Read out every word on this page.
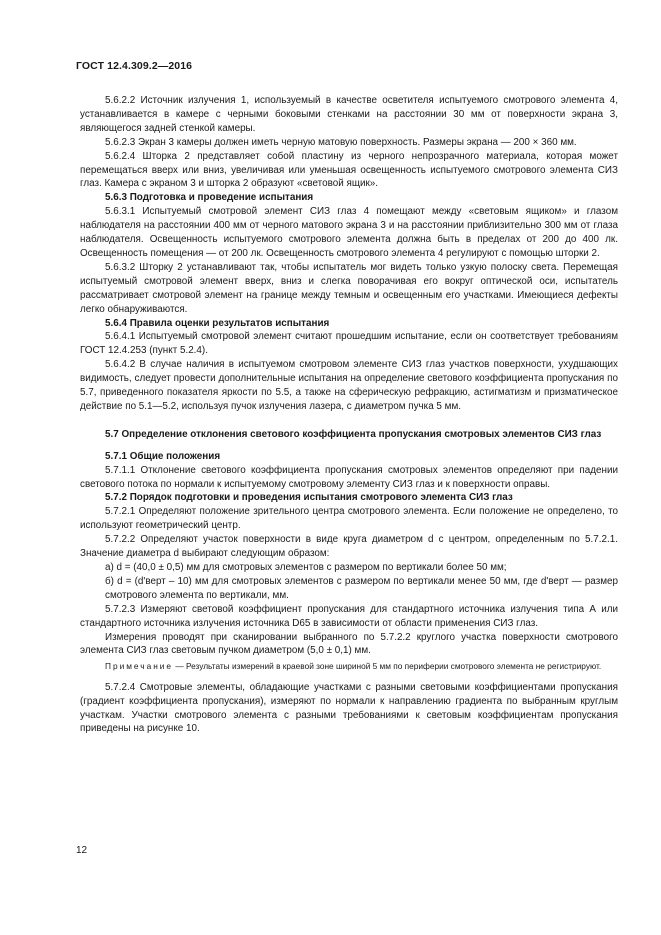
ГОСТ 12.4.309.2—2016

5.6.2.2 Источник излучения 1, используемый в качестве осветителя испытуемого смотрового элемента 4, устанавливается в камере с черными боковыми стенками на расстоянии 30 мм от поверхности экрана 3, являющегося задней стенкой камеры.

5.6.2.3 Экран 3 камеры должен иметь черную матовую поверхность. Размеры экрана — 200 × 360 мм.

5.6.2.4 Шторка 2 представляет собой пластину из черного непрозрачного материала, которая может перемещаться вверх или вниз, увеличивая или уменьшая освещенность испытуемого смотрового элемента СИЗ глаз. Камера с экраном 3 и шторка 2 образуют «световой ящик».

5.6.3 Подготовка и проведение испытания

5.6.3.1 Испытуемый смотровой элемент СИЗ глаз 4 помещают между «световым ящиком» и глазом наблюдателя на расстоянии 400 мм от черного матового экрана 3 и на расстоянии приблизительно 300 мм от глаза наблюдателя. Освещенность испытуемого смотрового элемента должна быть в пределах от 200 до 400 лк. Освещенность помещения — от 200 лк. Освещенность смотрового элемента 4 регулируют с помощью шторки 2.

5.6.3.2 Шторку 2 устанавливают так, чтобы испытатель мог видеть только узкую полоску света. Перемещая испытуемый смотровой элемент вверх, вниз и слегка поворачивая его вокруг оптической оси, испытатель рассматривает смотровой элемент на границе между темным и освещенным его участками. Имеющиеся дефекты легко обнаруживаются.

5.6.4 Правила оценки результатов испытания

5.6.4.1 Испытуемый смотровой элемент считают прошедшим испытание, если он соответствует требованиям ГОСТ 12.4.253 (пункт 5.2.4).

5.6.4.2 В случае наличия в испытуемом смотровом элементе СИЗ глаз участков поверхности, ухудшающих видимость, следует провести дополнительные испытания на определение светового коэффициента пропускания по 5.7, приведенного показателя яркости по 5.5, а также на сферическую рефракцию, астигматизм и призматическое действие по 5.1—5.2, используя пучок излучения лазера, с диаметром пучка 5 мм.

5.7 Определение отклонения светового коэффициента пропускания смотровых элементов СИЗ глаз

5.7.1 Общие положения

5.7.1.1 Отклонение светового коэффициента пропускания смотровых элементов определяют при падении светового потока по нормали к испытуемому смотровому элементу СИЗ глаз и к поверхности оправы.

5.7.2 Порядок подготовки и проведения испытания смотрового элемента СИЗ глаз

5.7.2.1 Определяют положение зрительного центра смотрового элемента. Если положение не определено, то используют геометрический центр.

5.7.2.2 Определяют участок поверхности в виде круга диаметром d с центром, определенным по 5.7.2.1. Значение диаметра d выбирают следующим образом:

а) d = (40,0 ± 0,5) мм для смотровых элементов с размером по вертикали более 50 мм;

б) d = (d'верт – 10) мм для смотровых элементов с размером по вертикали менее 50 мм, где d'верт — размер смотрового элемента по вертикали, мм.

5.7.2.3 Измеряют световой коэффициент пропускания для стандартного источника излучения типа А или стандартного источника излучения источника D65 в зависимости от области применения СИЗ глаз.

Измерения проводят при сканировании выбранного по 5.7.2.2 круглого участка поверхности смотрового элемента СИЗ глаз световым пучком диаметром (5,0 ± 0,1) мм.

Примечание — Результаты измерений в краевой зоне шириной 5 мм по периферии смотрового элемента не регистрируют.

5.7.2.4 Смотровые элементы, обладающие участками с разными световыми коэффициентами пропускания (градиент коэффициента пропускания), измеряют по нормали к направлению градиента по выбранным круглым участкам. Участки смотрового элемента с разными требованиями к световым коэффициентам пропускания приведены на рисунке 10.

12
